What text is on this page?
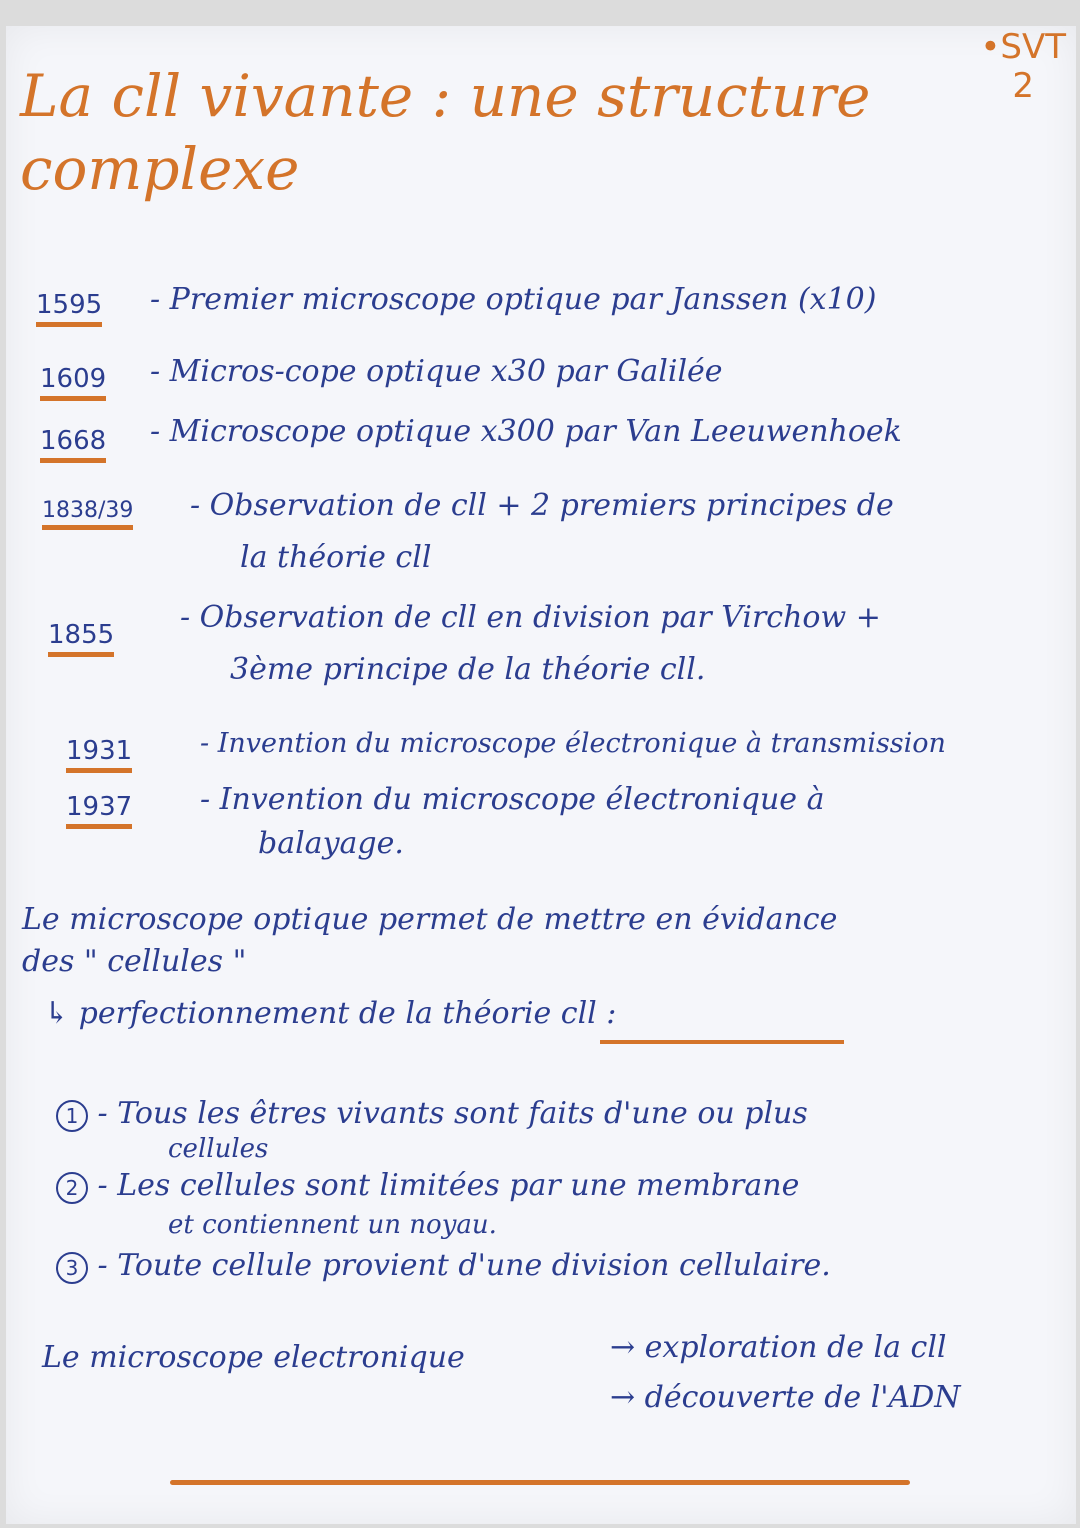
La cll vivante : une structure
complexe
•SVT
2
1595 - Premier microscope optique par Janssen (x10)
1609 - Micros-cope optique x30 par Galilée
1668 - Microscope optique x300 par Van Leeuwenhoek
1838/39 - Observation de cll + 2 premiers principes de
la théorie cll
1855 - Observation de cll en division par Virchow +
3ème principe de la théorie cll.
1931	- Invention du microscope électronique à transmission
1937 - Invention du microscope électronique à
balayage.
Le microscope optique permet de mettre en évidance
des " cellules "
↳ perfectionnement de la théorie cll :
1 - Tous les êtres vivants sont faits d'une ou plus
cellules
2 - Les cellules sont limitées par une membrane
et contiennent un noyau.
3 - Toute cellule provient d'une division cellulaire.
Le microscope electronique	→ exploration de la cll
→ découverte de l'ADN
